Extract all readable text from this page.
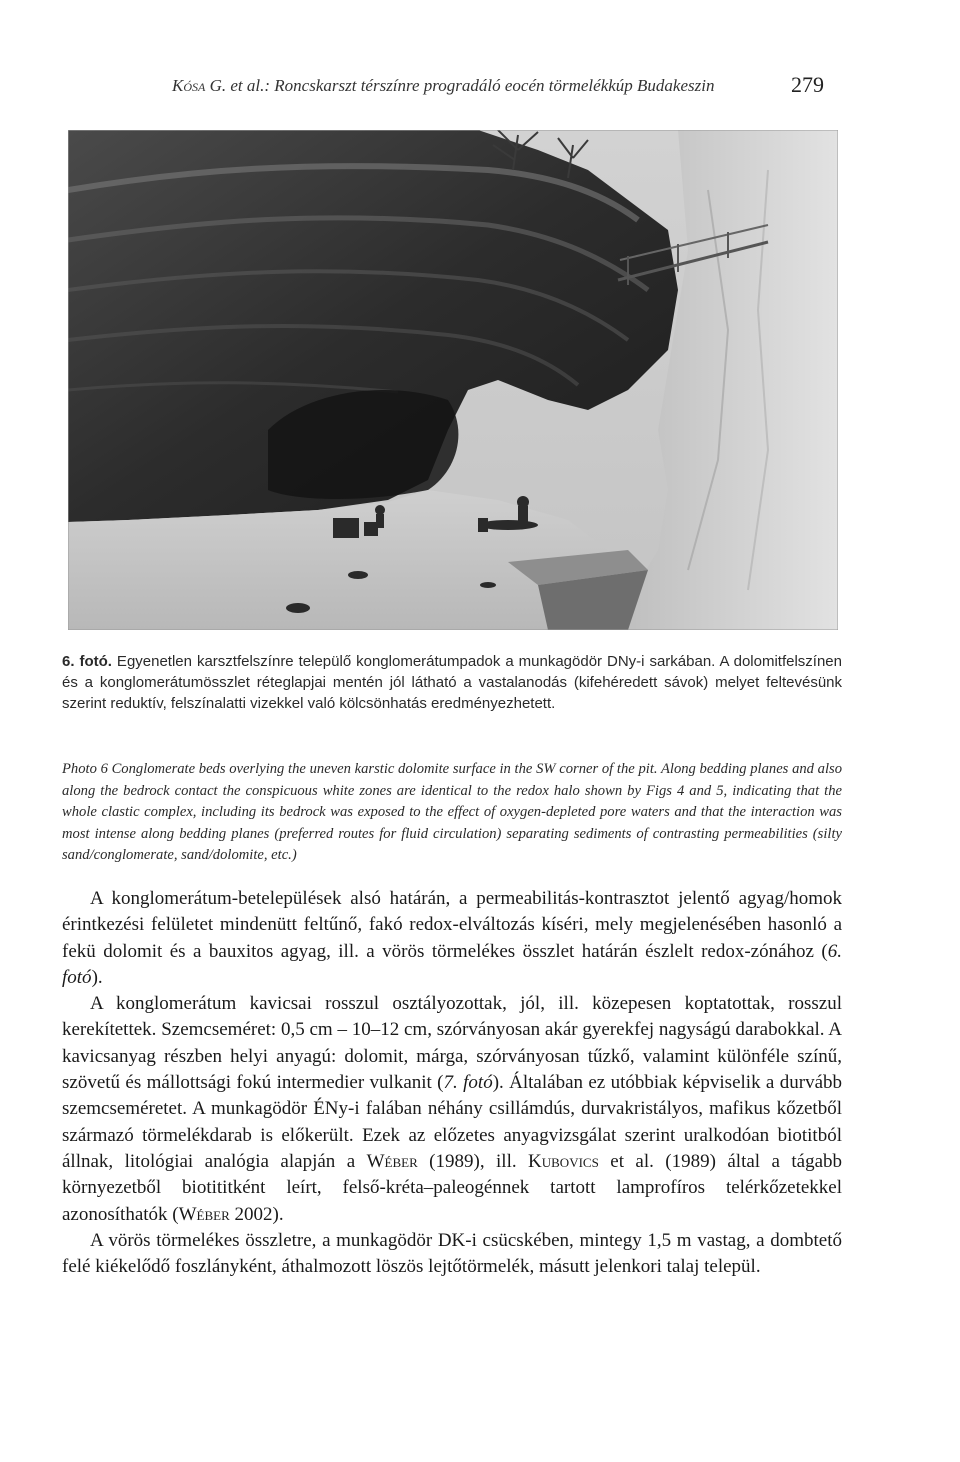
Kósa G. et al.: Roncskarszt térszínre progradáló eocén törmelékkúp Budakeszin	279
6. fotó. Egyenetlen karsztfelszínre települő konglomerátumpadok a munkagödör DNy-i sarkában. A dolomitfelszínen és a konglomerátumösszlet réteglapjai mentén jól látható a vastalanodás (kifehéredett sávok) melyet feltevésünk szerint reduktív, felszínalatti vizekkel való kölcsönhatás eredményezhetett.
Photo 6 Conglomerate beds overlying the uneven karstic dolomite surface in the SW corner of the pit. Along bedding planes and also along the bedrock contact the conspicuous white zones are identical to the redox halo shown by Figs 4 and 5, indicating that the whole clastic complex, including its bedrock was exposed to the effect of oxygen-depleted pore waters and that the interaction was most intense along bedding planes (preferred routes for fluid circulation) separating sediments of contrasting permeabilities (silty sand/conglomerate, sand/dolomite, etc.)

A konglomerátum-betelepülések alsó határán, a permeabilitás-kontrasztot jelentő agyag/homok érintkezési felületet mindenütt feltűnő, fakó redox-elváltozás kíséri, mely megjelenésében hasonló a fekü dolomit és a bauxitos agyag, ill. a vörös törmelékes összlet határán észlelt redox-zónához (6. fotó).

A konglomerátum kavicsai rosszul osztályozottak, jól, ill. közepesen koptatottak, rosszul kerekítettek. Szemcseméret: 0,5 cm – 10–12 cm, szórványosan akár gyerekfej nagyságú darabokkal. A kavicsanyag részben helyi anyagú: dolomit, márga, szórványosan tűzkő, valamint különféle színű, szövetű és mállottsági fokú intermedier vulkanit (7. fotó). Általában ez utóbbiak képviselik a durvább szemcseméretet. A munkagödör ÉNy-i falában néhány csillámdús, durvakristályos, mafikus kőzetből származó törmelékdarab is előkerült. Ezek az előzetes anyagvizsgálat szerint uralkodóan biotitból állnak, litológiai analógia alapján a Wéber (1989), ill. Kubovics et al. (1989) által a tágabb környezetből biotititként leírt, felső-kréta–paleogénnek tartott lamprofíros telérkőzetekkel azonosíthatók (Wéber 2002).

A vörös törmelékes összletre, a munkagödör DK-i csücskében, mintegy 1,5 m vastag, a dombtető felé kiékelődő foszlányként, áthalmozott löszös lejtőtörmelék, másutt jelenkori talaj települ.
